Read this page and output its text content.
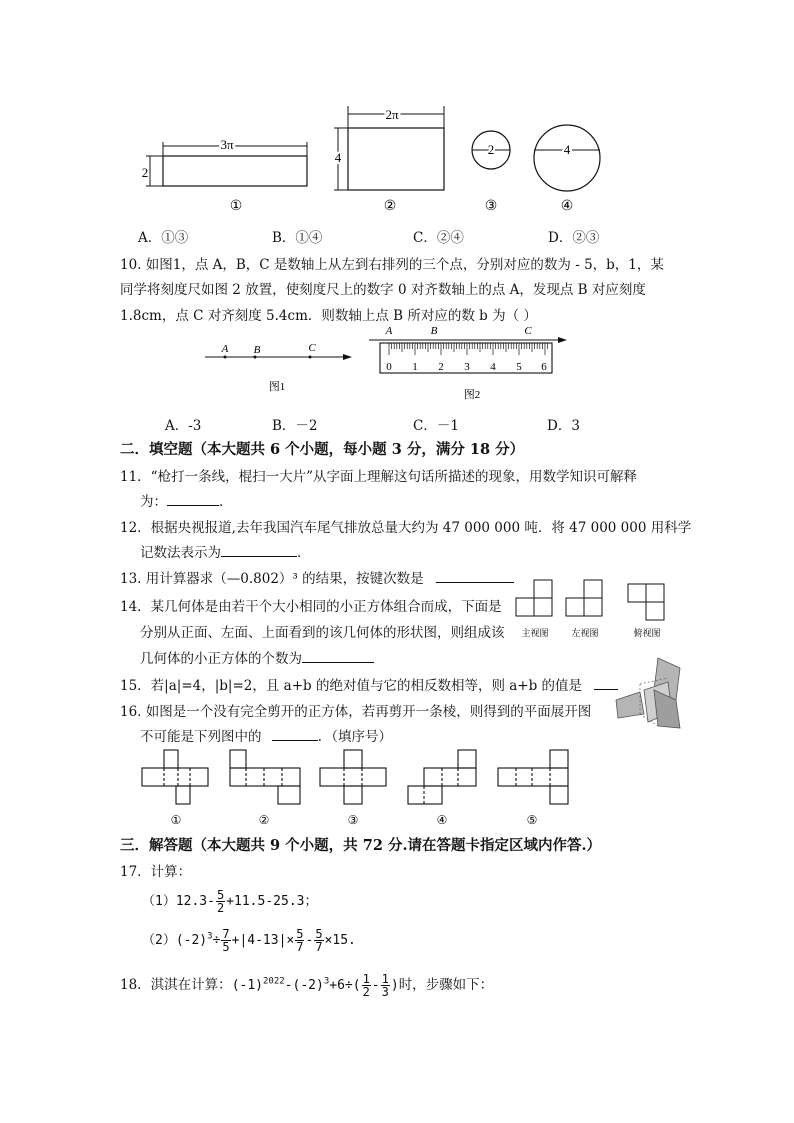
3π
2
2π
4
2	4
①	②	③	④
A．①③	B．①④	C．②④	D．②③
10. 如图1，点 A，B，C 是数轴上从左到右排列的三个点，分别对应的数为 - 5，b，1，某
同学将刻度尺如图 2 放置，使刻度尺上的数字 0 对齐数轴上的点 A，发现点 B 对应刻度
1.8cm，点 C 对齐刻度 5.4cm．则数轴上点 B 所对应的数 b 为（ ）
A B	C
图1
A	B	C
0 1 2 3 4 5 6
图2
A．-3	B．－2	C．－1	D．3
二．填空题（本大题共 6 个小题，每小题 3 分，满分 18 分）
11．“枪打一条线，棍扫一大片”从字面上理解这句话所描述的现象，用数学知识可解释
为：	．
12．根据央视报道,去年我国汽车尾气排放总量大约为 47 000 000 吨．将 47 000 000 用科学
记数法表示为	．
13. 用计算器求（—0.802）³ 的结果，按键次数是
14．某几何体是由若干个大小相同的小正方体组合而成，下面是
分别从正面、左面、上面看到的该几何体的形状图，则组成该
几何体的小正方体的个数为
主视图	左视图	俯视图
15．若|a|=4，|b|=2，且 a+b 的绝对值与它的相反数相等，则 a+b 的值是
16. 如图是一个没有完全剪开的正方体，若再剪开一条棱，则得到的平面展开图
不可能是下列图中的	．（填序号）
①	②	③	④	⑤
三．解答题（本大题共 9 个小题，共 72 分.请在答题卡指定区域内作答.）
17．计算：
$(1)12.3- \frac{5}{2} +11.5-25.3$；
$(2)(-2)^3\div \frac{7}{5} +|4-13|\times \frac{5}{7} - \frac{5}{7} \times 15$.
18．淇淇在计算：$(-1)^{2022}-(-2)^3+6\div( \frac{1}{2} - \frac{1}{3}$ )时，步骤如下：
